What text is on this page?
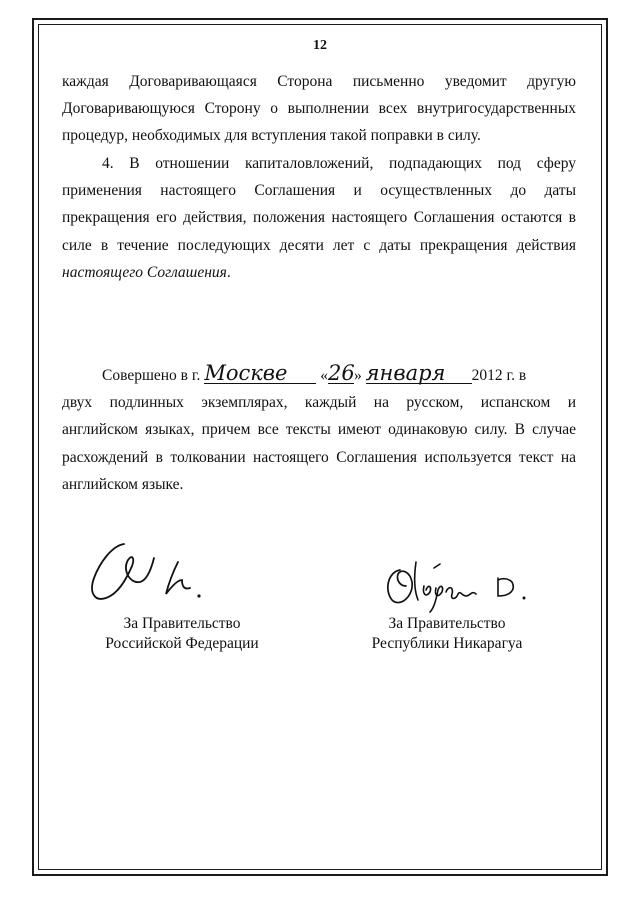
12
каждая Договаривающаяся Сторона письменно уведомит другую
Договаривающуюся Сторону о выполнении всех внутригосударственных
процедур, необходимых для вступления такой поправки в силу.
4. В отношении капиталовложений, подпадающих под сферу
применения настоящего Соглашения и осуществленных до даты
прекращения его действия, положения настоящего Соглашения остаются в
силе в течение последующих десяти лет с даты прекращения действия
настоящего Соглашения.
Совершено в г. Москве «26» января 2012 г. в
двух подлинных экземплярах, каждый на русском, испанском и
английском языках, причем все тексты имеют одинаковую силу. В случае
расхождений в толковании настоящего Соглашения используется текст на
английском языке.
За Правительство
Российской Федерации
За Правительство
Республики Никарагуа
